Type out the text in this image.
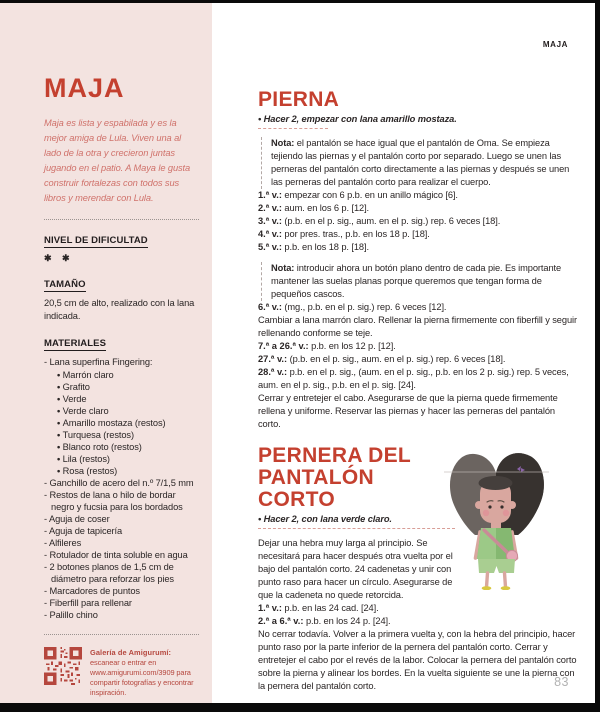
MAJA

Maja es lista y espabilada y es la mejor amiga de Lula. Viven una al lado de la otra y crecieron juntas jugando en el patio. A Maya le gusta construir fortalezas con todos sus libros y merendar con Lula.

NIVEL DE DIFICULTAD
✱ ✱
TAMAÑO

20,5 cm de alto, realizado con la lana indicada.

MATERIALES

- Lana superfina Fingering:

• Marrón claro

• Grafito

• Verde

• Verde claro

• Amarillo mostaza (restos)

• Turquesa (restos)

• Blanco roto (restos)

• Lila (restos)

• Rosa (restos)

- Ganchillo de acero del n.º 7/1,5 mm

- Restos de lana o hilo de bordar negro y fucsia para los bordados

- Aguja de coser

- Aguja de tapicería

- Alfileres

- Rotulador de tinta soluble en agua

- 2 botones planos de 1,5 cm de diámetro para reforzar los pies

- Marcadores de puntos

- Fiberfill para rellenar

- Palillo chino

Galería de Amigurumí: escanear o entrar en www.amigurumi.com/3909 para compartir fotografías y encontrar inspiración.

MAJA
PIERNA

• Hacer 2, empezar con lana amarillo mostaza.

Nota: el pantalón se hace igual que el pantalón de Oma. Se empieza tejiendo las piernas y el pantalón corto por separado. Luego se unen las perneras del pantalón corto directamente a las piernas y después se unen las perneras del pantalón corto para realizar el cuerpo.

1.ª v.: empezar con 6 p.b. en un anillo mágico [6].

2.ª v.: aum. en los 6 p. [12].

3.ª v.: (p.b. en el p. sig., aum. en el p. sig.) rep. 6 veces [18].

4.ª v.: por pres. tras., p.b. en los 18 p. [18].

5.ª v.: p.b. en los 18 p. [18].

Nota: introducir ahora un botón plano dentro de cada pie. Es importante mantener las suelas planas porque queremos que tengan forma de pequeños cascos.

6.ª v.: (mg., p.b. en el p. sig.) rep. 6 veces [12].

Cambiar a lana marrón claro. Rellenar la pierna firmemente con fiberfill y seguir rellenando conforme se teje.

7.ª a 26.ª v.: p.b. en los 12 p. [12].

27.ª v.: (p.b. en el p. sig., aum. en el p. sig.) rep. 6 veces [18].

28.ª v.: p.b. en el p. sig., (aum. en el p. sig., p.b. en los 2 p. sig.) rep. 5 veces, aum. en el p. sig., p.b. en el p. sig. [24].

Cerrar y entretejer el cabo. Asegurarse de que la pierna quede firmemente rellena y uniforme. Reservar las piernas y hacer las perneras del pantalón corto.

PERNERA DEL PANTALÓN CORTO

• Hacer 2, con lana verde claro.

Dejar una hebra muy larga al principio. Se necesitará para hacer después otra vuelta por el bajo del pantalón corto. 24 cadenetas y unir con punto raso para hacer un círculo. Asegurarse de que la cadeneta no quede retorcida.

1.ª v.: p.b. en las 24 cad. [24].

2.ª a 6.ª v.: p.b. en los 24 p. [24].

No cerrar todavía. Volver a la primera vuelta y, con la hebra del principio, hacer punto raso por la parte inferior de la pernera del pantalón corto. Cerrar y entretejer el cabo por el revés de la labor. Colocar la pernera del pantalón corto sobre la pierna y alinear los bordes. En la vuelta siguiente se une la pierna con la pernera del pantalón corto.	83
